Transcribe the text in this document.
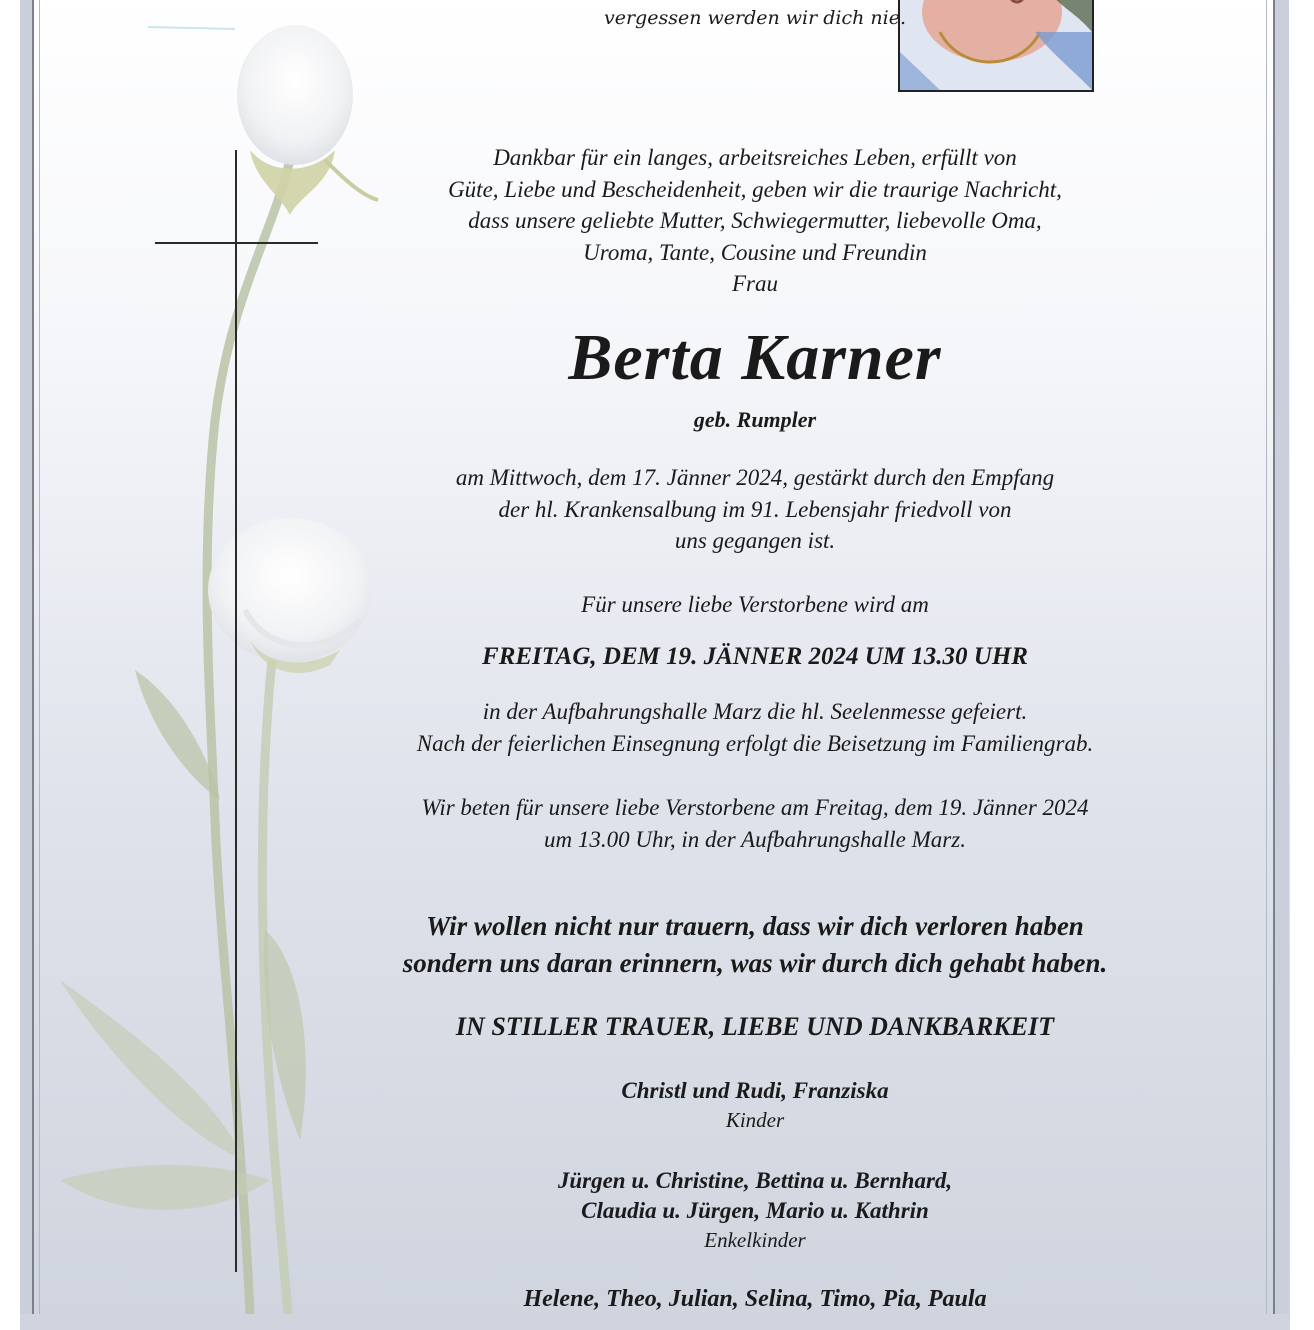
vergessen werden wir dich nie.
Dankbar für ein langes, arbeitsreiches Leben, erfüllt von
Güte, Liebe und Bescheidenheit, geben wir die traurige Nachricht,
dass unsere geliebte Mutter, Schwiegermutter, liebevolle Oma,
Uroma, Tante, Cousine und Freundin
Frau
Berta Karner
geb. Rumpler
am Mittwoch, dem 17. Jänner 2024, gestärkt durch den Empfang
der hl. Krankensalbung im 91. Lebensjahr friedvoll von
uns gegangen ist.
Für unsere liebe Verstorbene wird am
FREITAG, DEM 19. JÄNNER 2024 UM 13.30 UHR
in der Aufbahrungshalle Marz die hl. Seelenmesse gefeiert.
Nach der feierlichen Einsegnung erfolgt die Beisetzung im Familiengrab.
Wir beten für unsere liebe Verstorbene am Freitag, dem 19. Jänner 2024
um 13.00 Uhr, in der Aufbahrungshalle Marz.
Wir wollen nicht nur trauern, dass wir dich verloren haben
sondern uns daran erinnern, was wir durch dich gehabt haben.
IN STILLER TRAUER, LIEBE UND DANKBARKEIT
Christl und Rudi, Franziska
Kinder
Jürgen u. Christine, Bettina u. Bernhard,
Claudia u. Jürgen, Mario u. Kathrin
Enkelkinder
Helene, Theo, Julian, Selina, Timo, Pia, Paula
